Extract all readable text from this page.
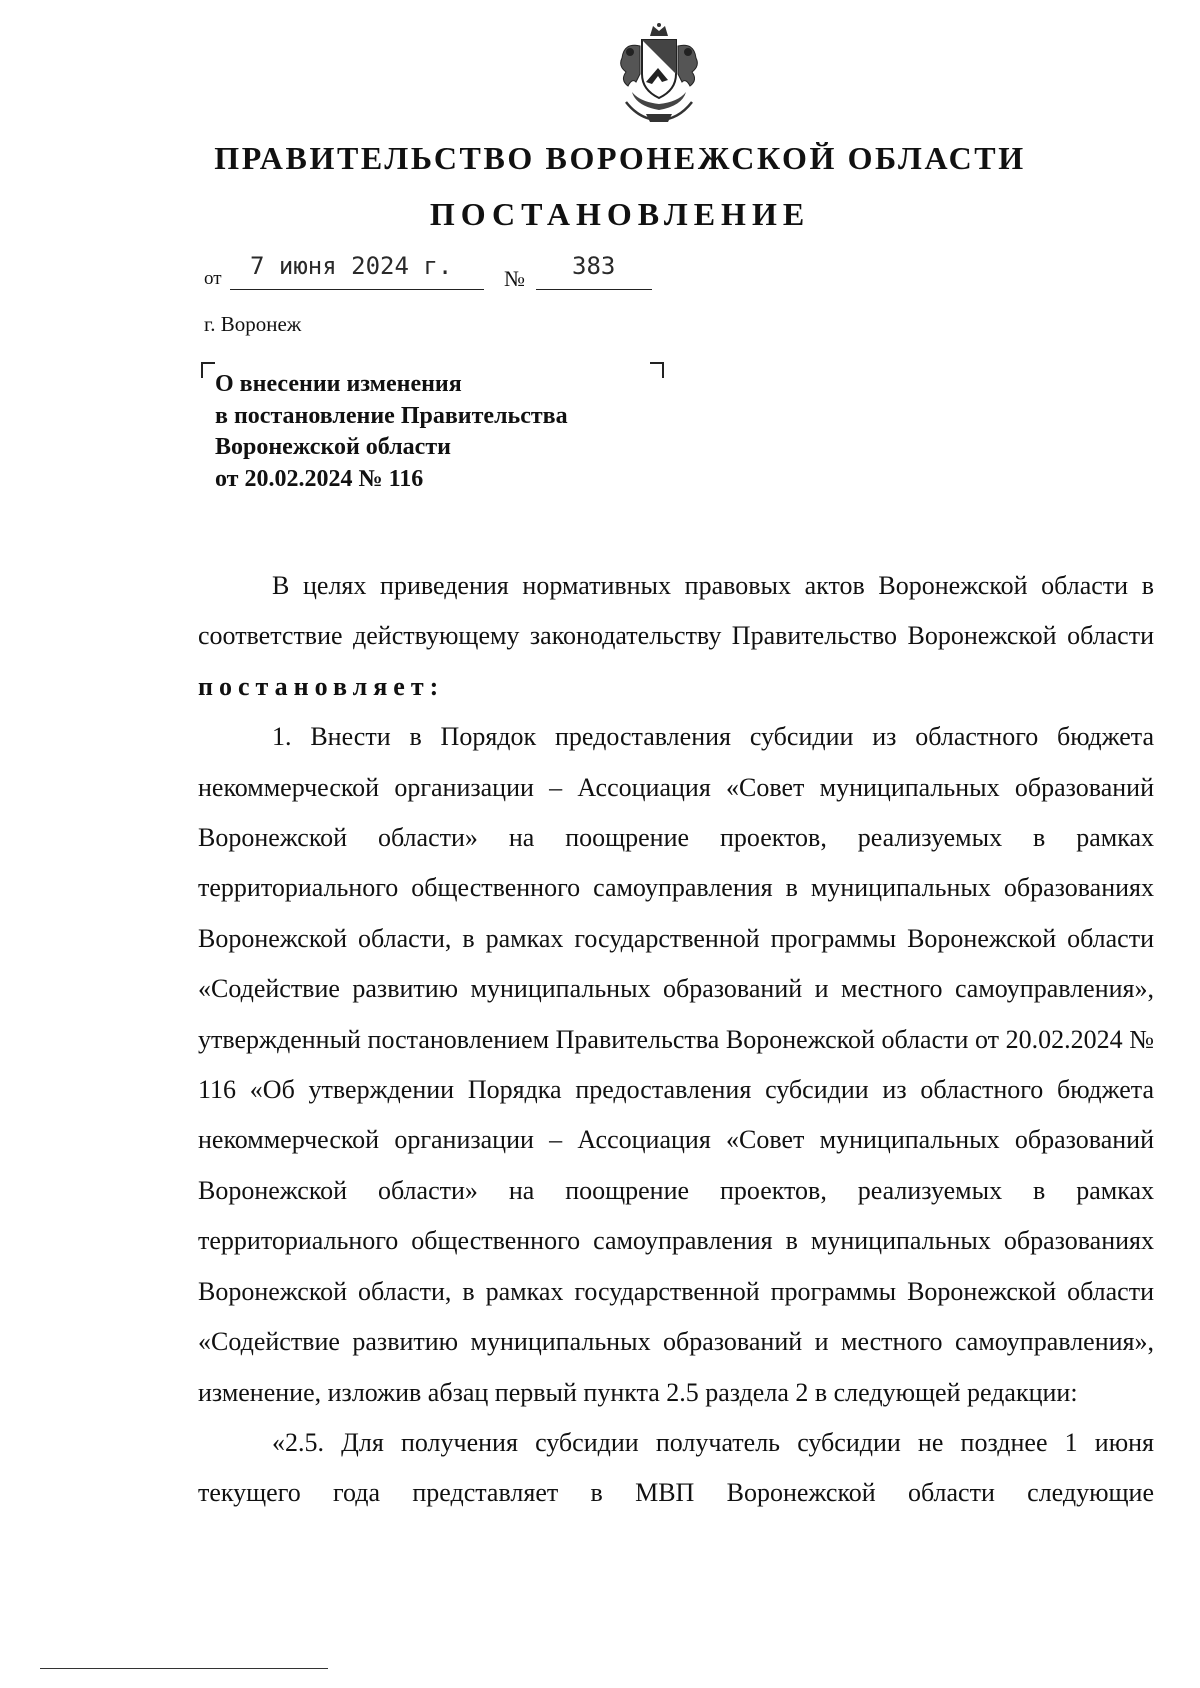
ПРАВИТЕЛЬСТВО ВОРОНЕЖСКОЙ ОБЛАСТИ
ПОСТАНОВЛЕНИЕ
от 7 июня 2024 г. № 383
г. Воронеж
О внесении изменения
в постановление Правительства
Воронежской области
от 20.02.2024 № 116

В целях приведения нормативных правовых актов Воронежской области в соответствие действующему законодательству Правительство Воронежской области постановляет:

1. Внести в Порядок предоставления субсидии из областного бюджета некоммерческой организации – Ассоциация «Совет муниципальных образований Воронежской области» на поощрение проектов, реализуемых в рамках территориального общественного самоуправления в муниципальных образованиях Воронежской области, в рамках государственной программы Воронежской области «Содействие развитию муниципальных образований и местного самоуправления», утвержденный постановлением Правительства Воронежской области от 20.02.2024 № 116 «Об утверждении Порядка предоставления субсидии из областного бюджета некоммерческой организации – Ассоциация «Совет муниципальных образований Воронежской области» на поощрение проектов, реализуемых в рамках территориального общественного самоуправления в муниципальных образованиях Воронежской области, в рамках государственной программы Воронежской области «Содействие развитию муниципальных образований и местного самоуправления», изменение, изложив абзац первый пункта 2.5 раздела 2 в следующей редакции:

«2.5. Для получения субсидии получатель субсидии не позднее 1 июня текущего года представляет в МВП Воронежской области следующие
